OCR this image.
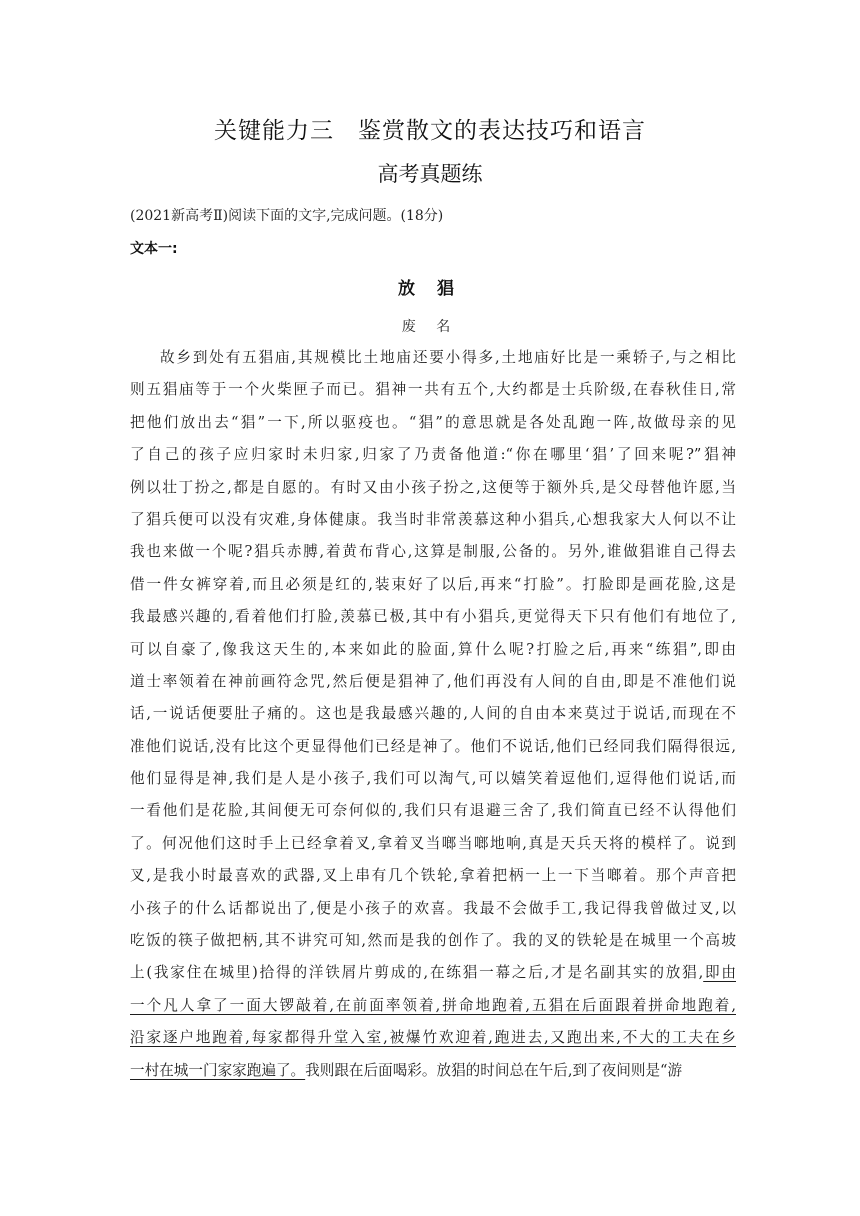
关键能力三　鉴赏散文的表达技巧和语言
高考真题练
(2021新高考Ⅱ)阅读下面的文字,完成问题。(18分)
文本一:
放 猖
废 名
故乡到处有五猖庙,其规模比土地庙还要小得多,土地庙好比是一乘轿子,与之相比
则五猖庙等于一个火柴匣子而已。猖神一共有五个,大约都是士兵阶级,在春秋佳日,常
把他们放出去“猖”一下,所以驱疫也。“猖”的意思就是各处乱跑一阵,故做母亲的见
了自己的孩子应归家时未归家,归家了乃责备他道:“你在哪里‘猖’了回来呢?”猖神
例以壮丁扮之,都是自愿的。有时又由小孩子扮之,这便等于额外兵,是父母替他许愿,当
了猖兵便可以没有灾难,身体健康。我当时非常羡慕这种小猖兵,心想我家大人何以不让
我也来做一个呢?猖兵赤膊,着黄布背心,这算是制服,公备的。另外,谁做猖谁自己得去
借一件女裤穿着,而且必须是红的,装束好了以后,再来“打脸”。打脸即是画花脸,这是
我最感兴趣的,看着他们打脸,羡慕已极,其中有小猖兵,更觉得天下只有他们有地位了,
可以自豪了,像我这天生的,本来如此的脸面,算什么呢?打脸之后,再来“练猖”,即由
道士率领着在神前画符念咒,然后便是猖神了,他们再没有人间的自由,即是不准他们说
话,一说话便要肚子痛的。这也是我最感兴趣的,人间的自由本来莫过于说话,而现在不
准他们说话,没有比这个更显得他们已经是神了。他们不说话,他们已经同我们隔得很远,
他们显得是神,我们是人是小孩子,我们可以淘气,可以嬉笑着逗他们,逗得他们说话,而
一看他们是花脸,其间便无可奈何似的,我们只有退避三舍了,我们简直已经不认得他们
了。何况他们这时手上已经拿着叉,拿着叉当啷当啷地响,真是天兵天将的模样了。说到
叉,是我小时最喜欢的武器,叉上串有几个铁轮,拿着把柄一上一下当啷着。那个声音把
小孩子的什么话都说出了,便是小孩子的欢喜。我最不会做手工,我记得我曾做过叉,以
吃饭的筷子做把柄,其不讲究可知,然而是我的创作了。我的叉的铁轮是在城里一个高坡
上(我家住在城里)拾得的洋铁屑片剪成的,在练猖一幕之后,才是名副其实的放猖,即由
一个凡人拿了一面大锣敲着,在前面率领着,拼命地跑着,五猖在后面跟着拼命地跑着,
沿家逐户地跑着,每家都得升堂入室,被爆竹欢迎着,跑进去,又跑出来,不大的工夫在乡
一村在城一门家家跑遍了。我则跟在后面喝彩。放猖的时间总在午后,到了夜间则是“游
